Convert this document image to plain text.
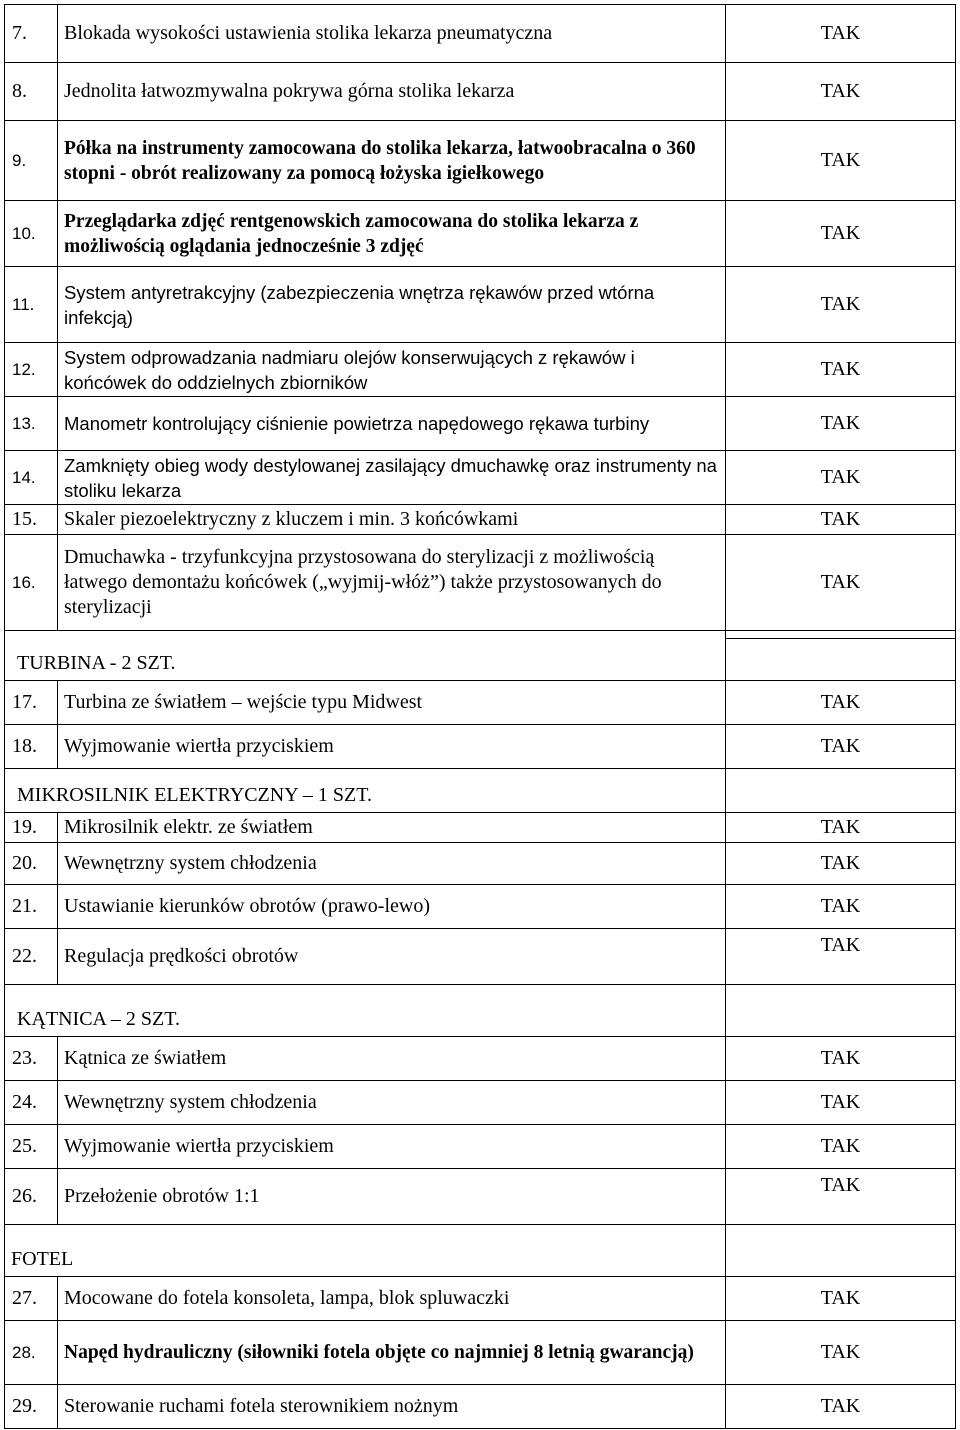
7.	Blokada wysokości ustawienia stolika lekarza pneumatyczna	TAK
8.	Jednolita łatwozmywalna pokrywa górna stolika lekarza	TAK
9.	Półka na instrumenty zamocowana do stolika lekarza, łatwoobracalna o 360 stopni - obrót realizowany za pomocą łożyska igiełkowego	TAK
10.	Przeglądarka zdjęć rentgenowskich zamocowana do stolika lekarza z możliwością oglądania jednocześnie 3 zdjęć	TAK
11.	System antyretrakcyjny (zabezpieczenia wnętrza rękawów przed wtórna infekcją)	TAK
12.	System odprowadzania nadmiaru olejów konserwujących z rękawów i końcówek do oddzielnych zbiorników	TAK
13.	Manometr kontrolujący ciśnienie powietrza napędowego rękawa turbiny	TAK
14.	Zamknięty obieg wody destylowanej zasilający dmuchawkę oraz instrumenty na stoliku lekarza	TAK
15.	Skaler piezoelektryczny z kluczem i min. 3 końcówkami	TAK
16.	Dmuchawka - trzyfunkcyjna przystosowana do sterylizacji z możliwością łatwego demontażu końcówek („wyjmij-włóż”) także przystosowanych do sterylizacji	TAK
TURBINA - 2 SZT.		

17.	Turbina ze światłem – wejście typu Midwest	TAK
18.	Wyjmowanie wiertła przyciskiem	TAK
MIKROSILNIK ELEKTRYCZNY – 1 SZT.		
19.	Mikrosilnik elektr. ze światłem	TAK
20.	Wewnętrzny system chłodzenia	TAK
21.	Ustawianie kierunków obrotów (prawo-lewo)	TAK
22.	Regulacja prędkości obrotów	TAK
KĄTNICA – 2 SZT.		
23.	Kątnica ze światłem	TAK
24.	Wewnętrzny system chłodzenia	TAK
25.	Wyjmowanie wiertła przyciskiem	TAK
26.	Przełożenie obrotów 1:1	TAK
FOTEL		
27.	Mocowane do fotela konsoleta, lampa, blok spluwaczki	TAK
28.	Napęd hydrauliczny (siłowniki fotela objęte co najmniej 8 letnią gwarancją)	TAK
29.	Sterowanie ruchami fotela sterownikiem nożnym	TAK
